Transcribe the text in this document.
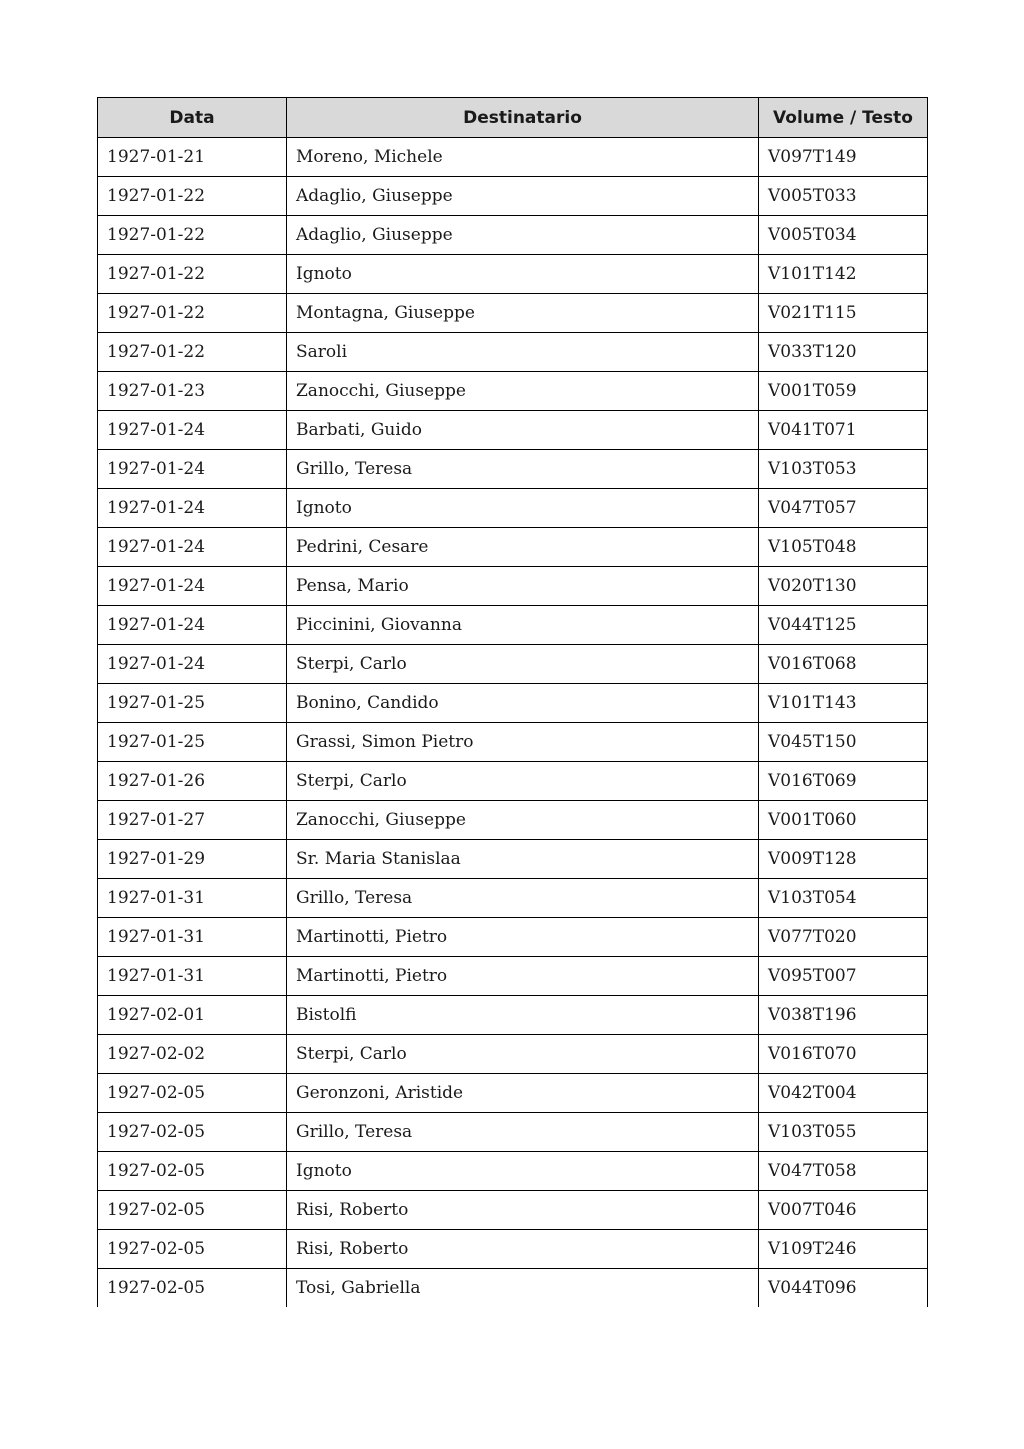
Data	Destinatario	Volume / Testo
1927-01-21	Moreno, Michele	V097T149
1927-01-22	Adaglio, Giuseppe	V005T033
1927-01-22	Adaglio, Giuseppe	V005T034
1927-01-22	Ignoto	V101T142
1927-01-22	Montagna, Giuseppe	V021T115
1927-01-22	Saroli	V033T120
1927-01-23	Zanocchi, Giuseppe	V001T059
1927-01-24	Barbati, Guido	V041T071
1927-01-24	Grillo, Teresa	V103T053
1927-01-24	Ignoto	V047T057
1927-01-24	Pedrini, Cesare	V105T048
1927-01-24	Pensa, Mario	V020T130
1927-01-24	Piccinini, Giovanna	V044T125
1927-01-24	Sterpi, Carlo	V016T068
1927-01-25	Bonino, Candido	V101T143
1927-01-25	Grassi, Simon Pietro	V045T150
1927-01-26	Sterpi, Carlo	V016T069
1927-01-27	Zanocchi, Giuseppe	V001T060
1927-01-29	Sr. Maria Stanislaa	V009T128
1927-01-31	Grillo, Teresa	V103T054
1927-01-31	Martinotti, Pietro	V077T020
1927-01-31	Martinotti, Pietro	V095T007
1927-02-01	Bistolfi	V038T196
1927-02-02	Sterpi, Carlo	V016T070
1927-02-05	Geronzoni, Aristide	V042T004
1927-02-05	Grillo, Teresa	V103T055
1927-02-05	Ignoto	V047T058
1927-02-05	Risi, Roberto	V007T046
1927-02-05	Risi, Roberto	V109T246
1927-02-05	Tosi, Gabriella	V044T096
